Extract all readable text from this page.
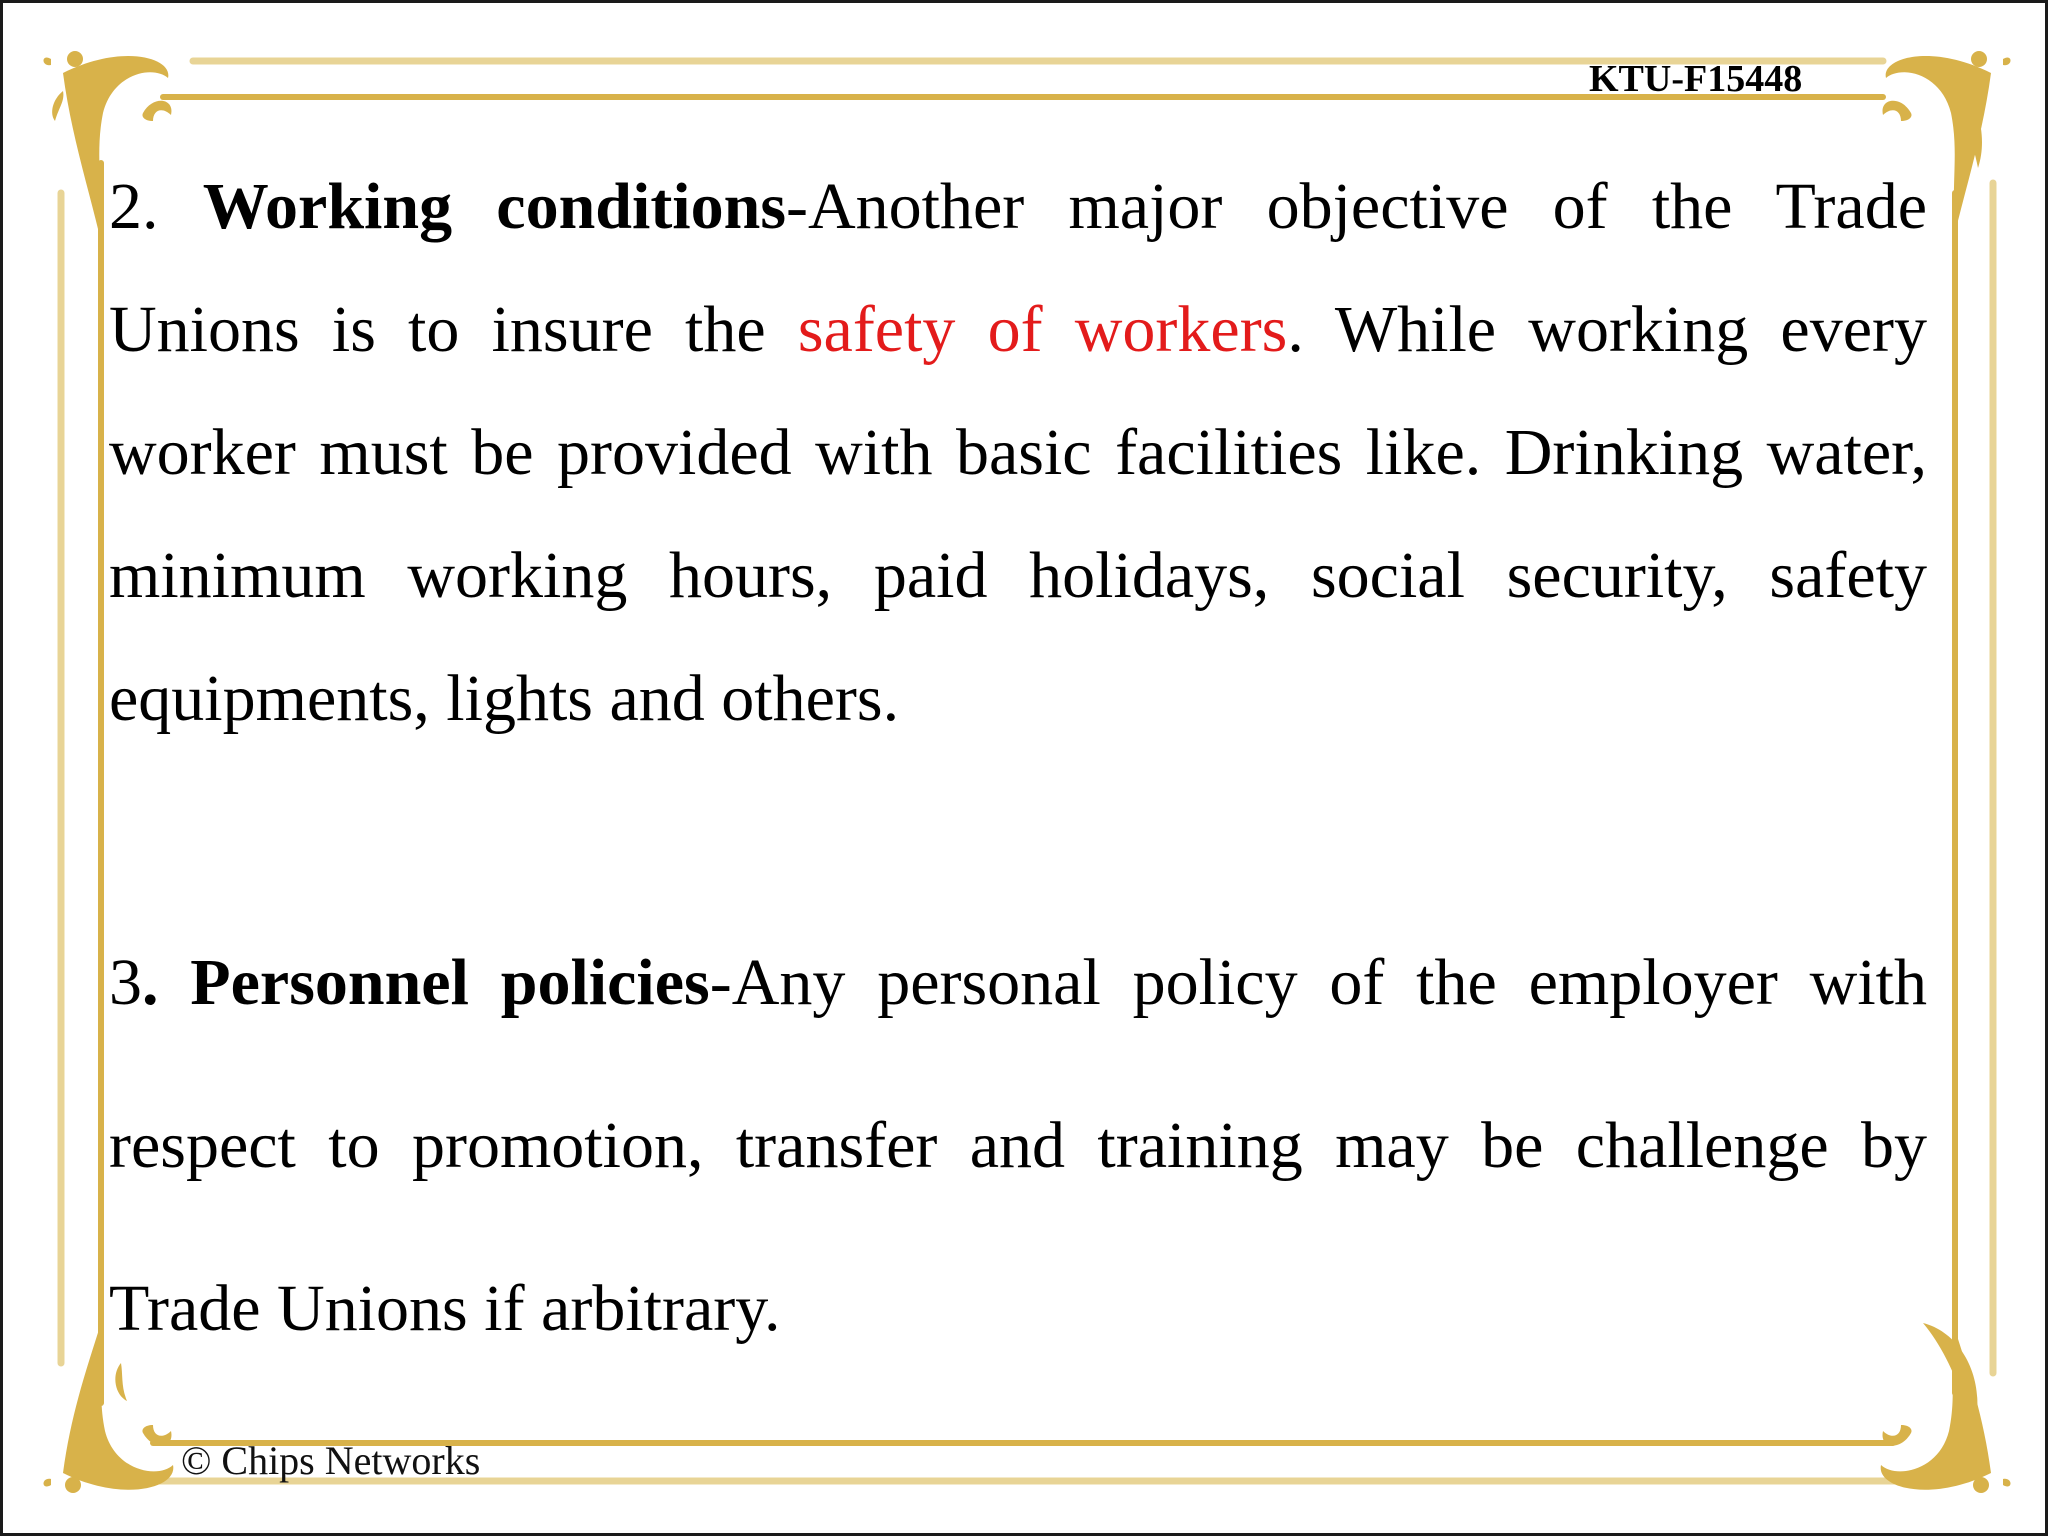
KTU-F15448
2. Working conditions-Another major objective of the Trade Unions is to insure the safety of workers. While working every worker must be provided with basic facilities like. Drinking water, minimum working hours, paid holidays, social security, safety equipments, lights and others.
3. Personnel policies-Any personal policy of the employer with respect to promotion, transfer and training may be challenge by Trade Unions if arbitrary.
© Chips Networks
